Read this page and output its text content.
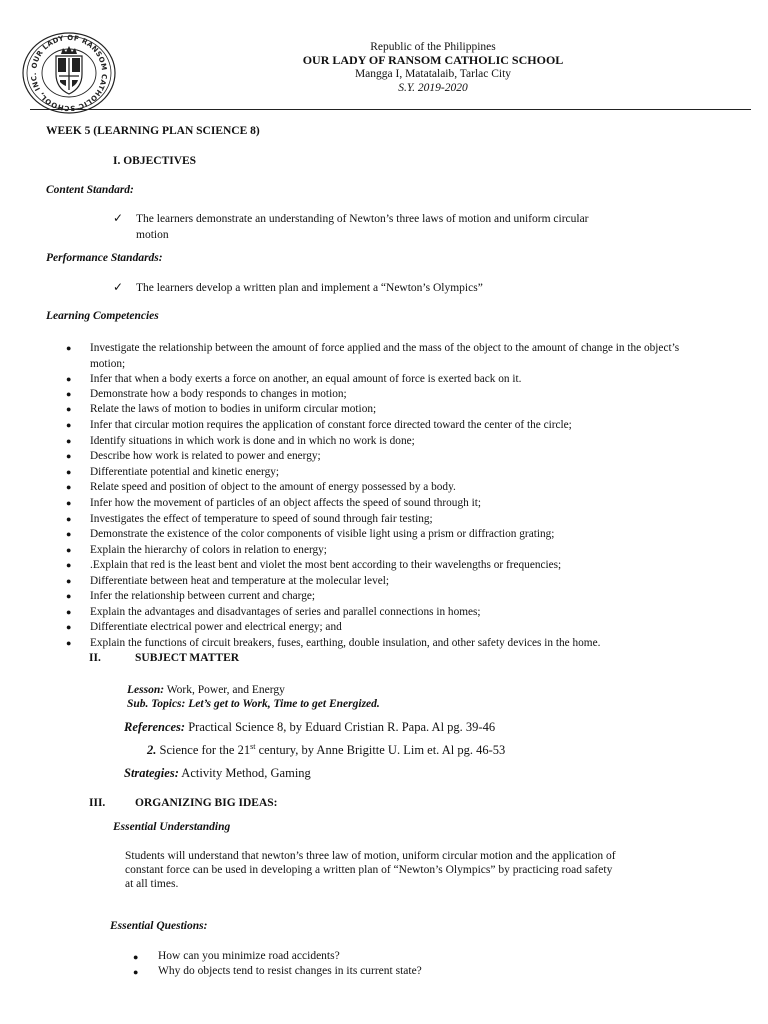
OUR LADY OF RANSOM CATHOLIC SCHOOL, INC.
Republic of the Philippines
OUR LADY OF RANSOM CATHOLIC SCHOOL
Mangga I, Matatalaib, Tarlac City
S.Y. 2019-2020
WEEK 5 (LEARNING PLAN SCIENCE 8)
I. OBJECTIVES
Content Standard:
✓ The learners demonstrate an understanding of Newton’s three laws of motion and uniform circular
motion
Performance Standards:
✓ The learners develop a written plan and implement a “Newton’s Olympics”
Learning Competencies
● Investigate the relationship between the amount of force applied and the mass of the object to the amount of change in the object’s motion;
● Infer that when a body exerts a force on another, an equal amount of force is exerted back on it.
● Demonstrate how a body responds to changes in motion;
● Relate the laws of motion to bodies in uniform circular motion;
● Infer that circular motion requires the application of constant force directed toward the center of the circle;
● Identify situations in which work is done and in which no work is done;
● Describe how work is related to power and energy;
● Differentiate potential and kinetic energy;
● Relate speed and position of object to the amount of energy possessed by a body.
● Infer how the movement of particles of an object affects the speed of sound through it;
● Investigates the effect of temperature to speed of sound through fair testing;
● Demonstrate the existence of the color components of visible light using a prism or diffraction grating;
● Explain the hierarchy of colors in relation to energy;
● .Explain that red is the least bent and violet the most bent according to their wavelengths or frequencies;
● Differentiate between heat and temperature at the molecular level;
● Infer the relationship between current and charge;
● Explain the advantages and disadvantages of series and parallel connections in homes;
● Differentiate electrical power and electrical energy; and
● Explain the functions of circuit breakers, fuses, earthing, double insulation, and other safety devices in the home.
II.	SUBJECT MATTER
Lesson: Work, Power, and Energy
Sub. Topics: Let’s get to Work, Time to get Energized.
References: Practical Science 8, by Eduard Cristian R. Papa. Al pg. 39-46
2. Science for the 21st century, by Anne Brigitte U. Lim et. Al pg. 46-53
Strategies: Activity Method, Gaming
III.	ORGANIZING BIG IDEAS:
Essential Understanding
Students will understand that newton’s three law of motion, uniform circular motion and the application of
constant force can be used in developing a written plan of “Newton’s Olympics” by practicing road safety
at all times.
Essential Questions:
● How can you minimize road accidents?
● Why do objects tend to resist changes in its current state?
